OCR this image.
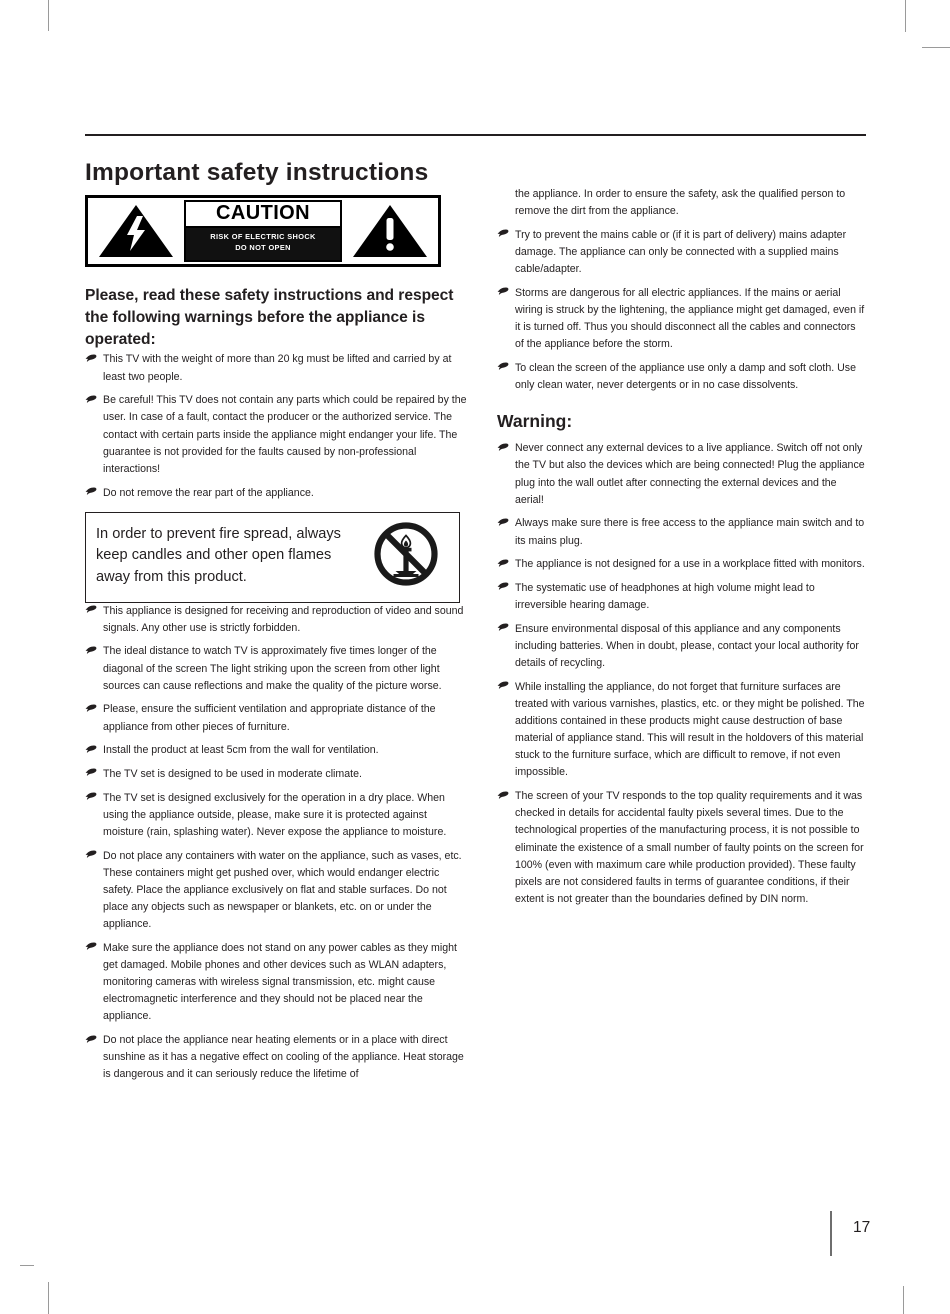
Important safety instructions
CAUTION
RISK OF ELECTRIC SHOCK
DO NOT OPEN
Please, read these safety instructions and respect the following warnings before the appliance is operated:
This TV with the weight of more than 20 kg must be lifted and carried by at least two people.
Be careful! This TV does not contain any parts which could be repaired by the user. In case of a fault, contact the producer or the authorized service. The contact with certain parts inside the appliance might endanger your life. The guarantee is not provided for the faults caused by non-professional interactions!
Do not remove the rear part of the appliance.
In order to prevent fire spread, always keep candles and other open flames away from this product.
This appliance is designed for receiving and reproduction of video and sound signals. Any other use is strictly forbidden.
The ideal distance to watch TV is approximately five times longer of the diagonal of the screen The light striking upon the screen from other light sources can cause reflections and make the quality of the picture worse.
Please, ensure the sufficient ventilation and appropriate distance of the appliance from other pieces of furniture.
Install the product at least 5cm from the wall for ventilation.
The TV set is designed to be used in moderate climate.
The TV set is designed exclusively for the operation in a dry place. When using the appliance outside, please, make sure it is protected against moisture (rain, splashing water). Never expose the appliance to moisture.
Do not place any containers with water on the appliance, such as vases, etc. These containers might get pushed over, which would endanger electric safety. Place the appliance exclusively on flat and stable surfaces. Do not place any objects such as newspaper or blankets, etc. on or under the appliance.
Make sure the appliance does not stand on any power cables as they might get damaged. Mobile phones and other devices such as WLAN adapters, monitoring cameras with wireless signal transmission, etc. might cause electromagnetic interference and they should not be placed near the appliance.
Do not place the appliance near heating elements or in a place with direct sunshine as it has a negative effect on cooling of the appliance. Heat storage is dangerous and it can seriously reduce the lifetime of

the appliance. In order to ensure the safety, ask the qualified person to remove the dirt from the appliance.

Try to prevent the mains cable or (if it is part of delivery) mains adapter damage. The appliance can only be connected with a supplied mains cable/adapter.
Storms are dangerous for all electric appliances. If the mains or aerial wiring is struck by the lightening, the appliance might get damaged, even if it is turned off. Thus you should disconnect all the cables and connectors of the appliance before the storm.
To clean the screen of the appliance use only a damp and soft cloth. Use only clean water, never detergents or in no case dissolvents.
Warning:
Never connect any external devices to a live appliance. Switch off not only the TV but also the devices which are being connected! Plug the appliance plug into the wall outlet after connecting the external devices and the aerial!
Always make sure there is free access to the appliance main switch and to its mains plug.
The appliance is not designed for a use in a workplace fitted with monitors.
The systematic use of headphones at high volume might lead to irreversible hearing damage.
Ensure environmental disposal of this appliance and any components including batteries. When in doubt, please, contact your local authority for details of recycling.
While installing the appliance, do not forget that furniture surfaces are treated with various varnishes, plastics, etc. or they might be polished. The additions contained in these products might cause destruction of base material of appliance stand. This will result in the holdovers of this material stuck to the furniture surface, which are difficult to remove, if not even impossible.
The screen of your TV responds to the top quality requirements and it was checked in details for accidental faulty pixels several times. Due to the technological properties of the manufacturing process, it is not possible to eliminate the existence of a small number of faulty points on the screen for 100% (even with maximum care while production provided). These faulty pixels are not considered faults in terms of guarantee conditions, if their extent is not greater than the boundaries defined by DIN norm.
17
